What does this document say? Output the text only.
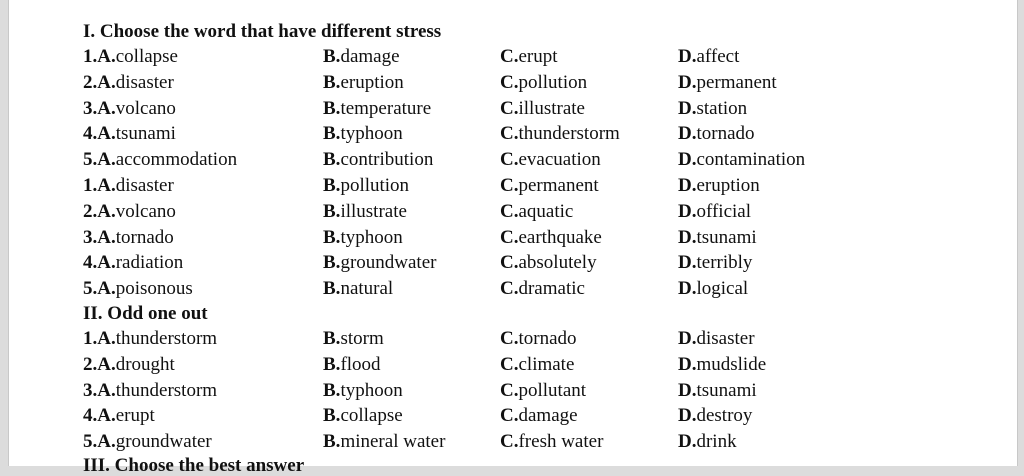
I. Choose the word that have different stress
1.A.collapse	B.damage	C.erupt	D.affect
2.A.disaster	B.eruption	C.pollution	D.permanent
3.A.volcano	B.temperature	C.illustrate	D.station
4.A.tsunami	B.typhoon	C.thunderstorm	D.tornado
5.A.accommodation	B.contribution	C.evacuation	D.contamination
1.A.disaster	B.pollution	C.permanent	D.eruption
2.A.volcano	B.illustrate	C.aquatic	D.official
3.A.tornado	B.typhoon	C.earthquake	D.tsunami
4.A.radiation	B.groundwater	C.absolutely	D.terribly
5.A.poisonous	B.natural	C.dramatic	D.logical
II. Odd one out
1.A.thunderstorm	B.storm	C.tornado	D.disaster
2.A.drought	B.flood	C.climate	D.mudslide
3.A.thunderstorm	B.typhoon	C.pollutant	D.tsunami
4.A.erupt	B.collapse	C.damage	D.destroy
5.A.groundwater	B.mineral water	C.fresh water	D.drink
III. Choose the best answer
